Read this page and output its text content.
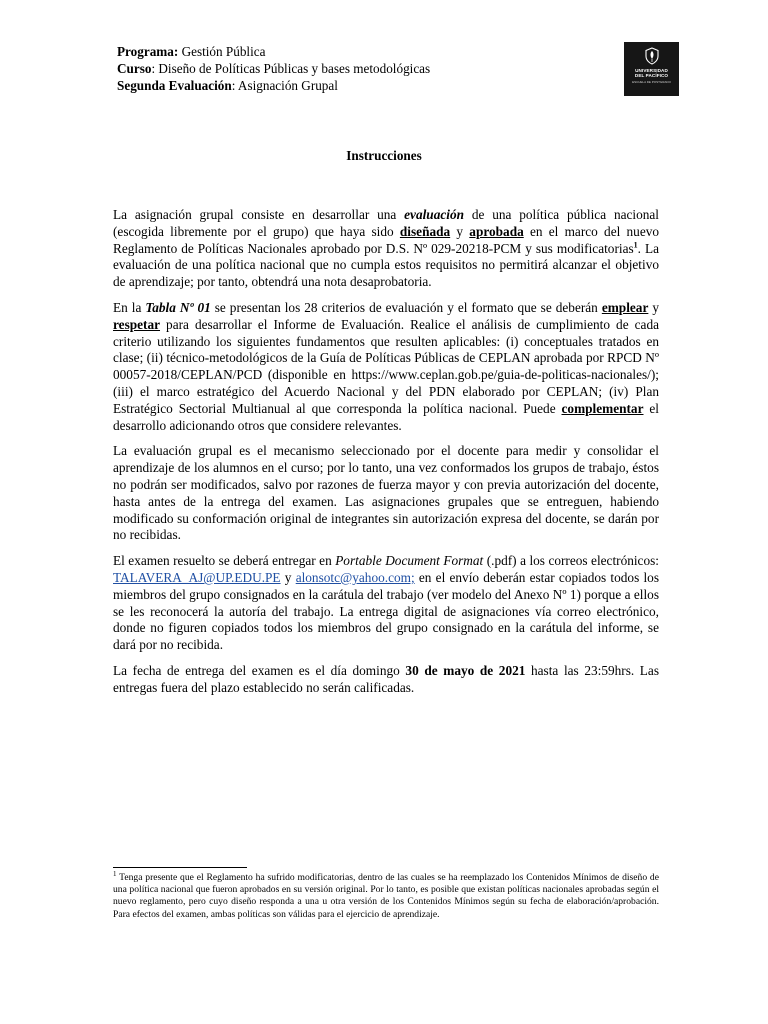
Programa: Gestión Pública
Curso: Diseño de Políticas Públicas y bases metodológicas
Segunda Evaluación: Asignación Grupal
UNIVERSIDAD
DEL PACÍFICO
ESCUELA DE POSTGRADO
Instrucciones

La asignación grupal consiste en desarrollar una evaluación de una política pública nacional (escogida libremente por el grupo) que haya sido diseñada y aprobada en el marco del nuevo Reglamento de Políticas Nacionales aprobado por D.S. Nº 029-20218-PCM y sus modificatorias$^1$. La evaluación de una política nacional que no cumpla estos requisitos no permitirá alcanzar el objetivo de aprendizaje; por tanto, obtendrá una nota desaprobatoria.

En la Tabla Nº 01 se presentan los 28 criterios de evaluación y el formato que se deberán emplear y respetar para desarrollar el Informe de Evaluación. Realice el análisis de cumplimiento de cada criterio utilizando los siguientes fundamentos que resulten aplicables: (i) conceptuales tratados en clase; (ii) técnico-metodológicos de la Guía de Políticas Públicas de CEPLAN aprobada por RPCD Nº 00057-2018/CEPLAN/PCD (disponible en https://www.ceplan.gob.pe/guia-de-politicas-nacionales/); (iii) el marco estratégico del Acuerdo Nacional y del PDN elaborado por CEPLAN; (iv) Plan Estratégico Sectorial Multianual al que corresponda la política nacional. Puede complementar el desarrollo adicionando otros que considere relevantes.

La evaluación grupal es el mecanismo seleccionado por el docente para medir y consolidar el aprendizaje de los alumnos en el curso; por lo tanto, una vez conformados los grupos de trabajo, éstos no podrán ser modificados, salvo por razones de fuerza mayor y con previa autorización del docente, hasta antes de la entrega del examen. Las asignaciones grupales que se entreguen, habiendo modificado su conformación original de integrantes sin autorización expresa del docente, se darán por no recibidas.

El examen resuelto se deberá entregar en Portable Document Format (.pdf) a los correos electrónicos: TALAVERA_AJ@UP.EDU.PE y alonsotc@yahoo.com; en el envío deberán estar copiados todos los miembros del grupo consignados en la carátula del trabajo (ver modelo del Anexo Nº 1) porque a ellos se les reconocerá la autoría del trabajo. La entrega digital de asignaciones vía correo electrónico, donde no figuren copiados todos los miembros del grupo consignado en la carátula del informe, se dará por no recibida.

La fecha de entrega del examen es el día domingo 30 de mayo de 2021 hasta las 23:59hrs. Las entregas fuera del plazo establecido no serán calificadas.

$^1$ Tenga presente que el Reglamento ha sufrido modificatorias, dentro de las cuales se ha reemplazado los Contenidos Mínimos de diseño de una política nacional que fueron aprobados en su versión original. Por lo tanto, es posible que existan políticas nacionales aprobadas según el nuevo reglamento, pero cuyo diseño responda a una u otra versión de los Contenidos Mínimos según su fecha de elaboración/aprobación. Para efectos del examen, ambas políticas son válidas para el ejercicio de aprendizaje.
